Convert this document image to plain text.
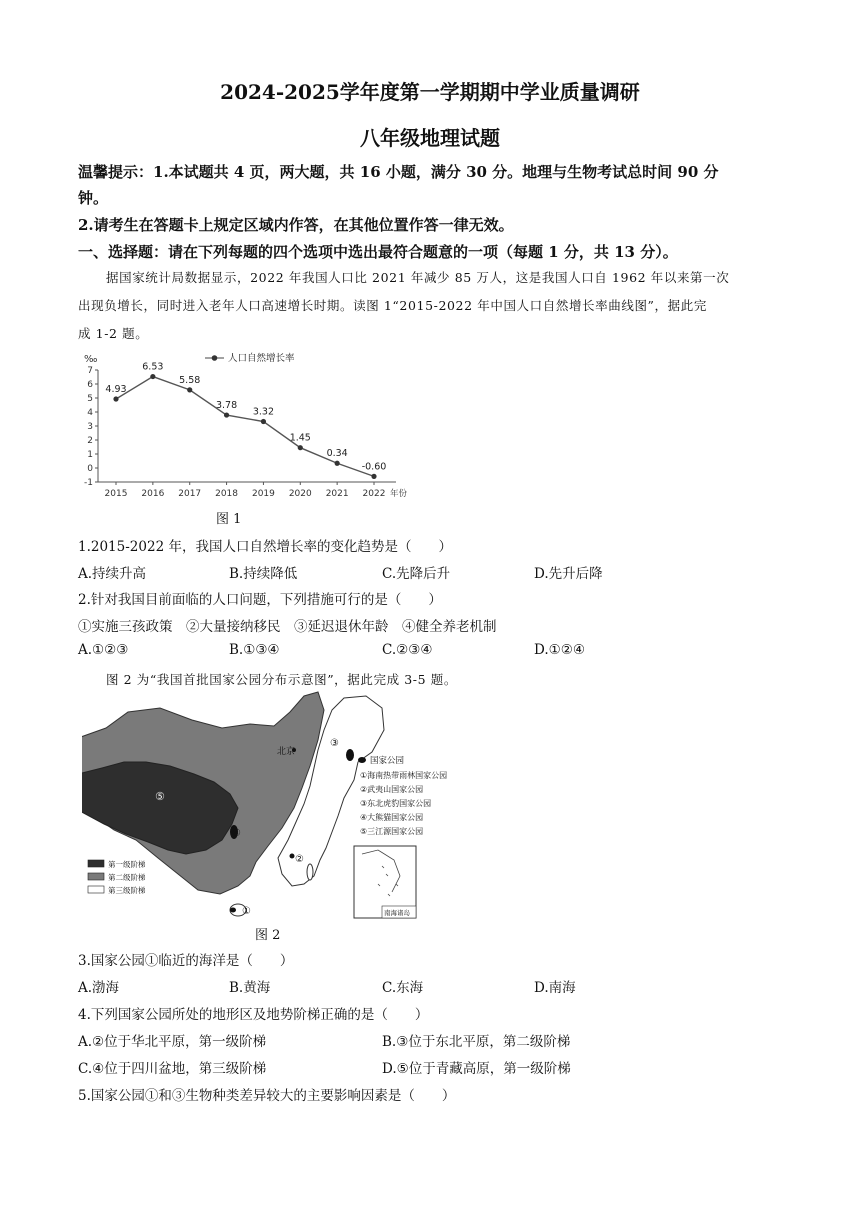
2024-2025学年度第一学期期中学业质量调研
八年级地理试题
温馨提示：1.本试题共 4 页，两大题，共 16 小题，满分 30 分。地理与生物考试总时间 90 分
钟。
2.请考生在答题卡上规定区域内作答，在其他位置作答一律无效。
一、选择题：请在下列每题的四个选项中选出最符合题意的一项（每题 1 分，共 13 分）。
据国家统计局数据显示，2022 年我国人口比 2021 年减少 85 万人，这是我国人口自 1962 年以来第一次
出现负增长，同时进入老年人口高速增长时期。读图 1“2015-2022 年中国人口自然增长率曲线图”，据此完
成 1-2 题。
‰
-1
0
1
2
3
4
5
6
7
2015 2016 2017 2018 2019 2020 2021 2022
4.93
6.53
5.58
3.78
3.32
1.45
0.34
-0.60
人口自然增长率
年份
图 1
1.2015-2022 年，我国人口自然增长率的变化趋势是（　　）
A.持续升高	B.持续降低	C.先降后升	D.先升后降
2.针对我国目前面临的人口问题，下列措施可行的是（　　）
①实施三孩政策　②大量接纳移民　③延迟退休年龄　④健全养老机制
A.①②③	B.①③④	C.②③④	D.①②④
图 2 为“我国首批国家公园分布示意图”，据此完成 3-5 题。
①
②
③
④
⑤
北京
国家公园
①海南热带雨林国家公园
②武夷山国家公园
③东北虎豹国家公园
④大熊猫国家公园
⑤三江源国家公园
第一级阶梯
第二级阶梯
第三级阶梯
南海诸岛
图 2
3.国家公园①临近的海洋是（　　）
A.渤海	B.黄海	C.东海	D.南海
4.下列国家公园所处的地形区及地势阶梯正确的是（　　）
A.②位于华北平原，第一级阶梯	B.③位于东北平原，第二级阶梯
C.④位于四川盆地，第三级阶梯	D.⑤位于青藏高原，第一级阶梯
5.国家公园①和③生物种类差异较大的主要影响因素是（　　）
